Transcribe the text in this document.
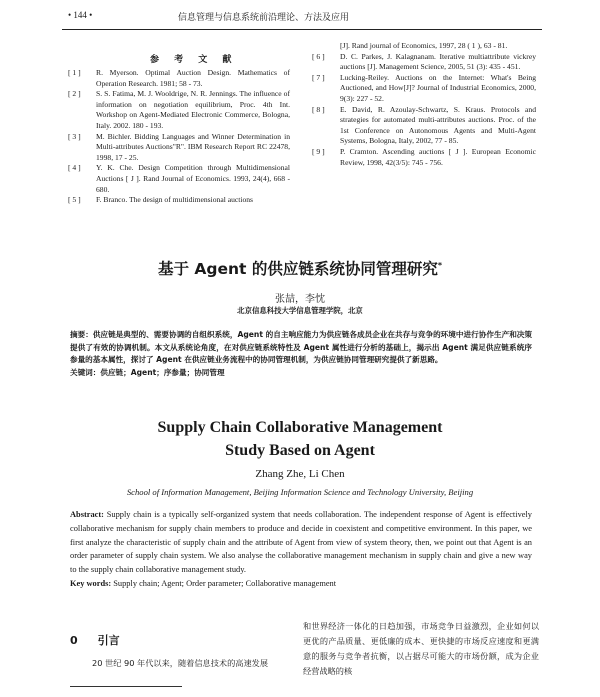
• 144 •	信息管理与信息系统前沿理论、方法及应用
参 考 文 献

[ 1 ] R. Myerson. Optimal Auction Design. Mathematics of Operation Research. 1981; 58 - 73.

[ 2 ] S. S. Fatima, M. J. Wooldrige, N. R. Jennings. The influence of information on negotiation equilibrium, Proc. 4th Int. Workshop on Agent-Mediated Electronic Commerce, Bologna, Italy. 2002. 180 - 193.

[ 3 ] M. Bichler. Bidding Languages and Winner Determination in Multi-attributes Auctions"R". IBM Research Report RC 22478, 1998, 17 - 25.

[ 4 ] Y. K. Che. Design Competition through Multidimensional Auctions [ J ]. Rand Journal of Economics. 1993, 24(4), 668 - 680.

[ 5 ] F. Branco. The design of multidimensional auctions

[J]. Rand journal of Economics, 1997, 28 ( 1 ), 63 - 81.

[ 6 ] D. C. Parkes, J. Kalagnanam. Iterative multiattribute vickrey auctions [J]. Management Science, 2005, 51 (3): 435 - 451.

[ 7 ] Lucking-Reiley. Auctions on the Internet: What's Being Auctioned, and How[J]? Journal of Industrial Economics, 2000, 9(3): 227 - 52.

[ 8 ] E. David, R. Azoulay-Schwartz, S. Kraus. Protocols and strategies for automated multi-attributes auctions. Proc. of the 1st Conference on Autonomous Agents and Multi-Agent Systems, Bologna, Italy, 2002, 77 - 85.

[ 9 ] P. Cramton. Ascending auctions [ J ]. European Economic Review, 1998, 42(3/5): 745 - 756.

基于 Agent 的供应链系统协同管理研究*
张喆，李忱
北京信息科技大学信息管理学院，北京
摘要：供应链是典型的、需要协调的自组织系统，Agent 的自主响应能力为供应链各成员企业在共存与竞争的环境中进行协作生产和决策提供了有效的协调机制。本文从系统论角度，在对供应链系统特性及 Agent 属性进行分析的基础上，揭示出 Agent 满足供应链系统序参量的基本属性，探讨了 Agent 在供应链业务流程中的协同管理机制，为供应链协同管理研究提供了新思路。
关键词：供应链；Agent；序参量；协同管理
Supply Chain Collaborative Management
Study Based on Agent
Zhang Zhe, Li Chen
School of Information Management, Beijing Information Science and Technology University, Beijing
Abstract: Supply chain is a typically self-organized system that needs collaboration. The independent response of Agent is effectively collaborative mechanism for supply chain members to produce and decide in coexistent and competitive environment. In this paper, we first analyze the characteristic of supply chain and the attribute of Agent from view of system theory, then, we point out that Agent is an order parameter of supply chain system. We also analyse the collaborative management mechanism in supply chain and give a new way to the supply chain collaborative management study.
Key words: Supply chain; Agent; Order parameter; Collaborative management
0 引言
20 世纪 90 年代以来，随着信息技术的高速发展
和世界经济一体化的日趋加强，市场竞争日益激烈，企业如何以更优的产品质量、更低廉的成本、更快捷的市场反应速度和更满意的服务与竞争者抗衡，以占据尽可能大的市场份额，成为企业经营战略的核
